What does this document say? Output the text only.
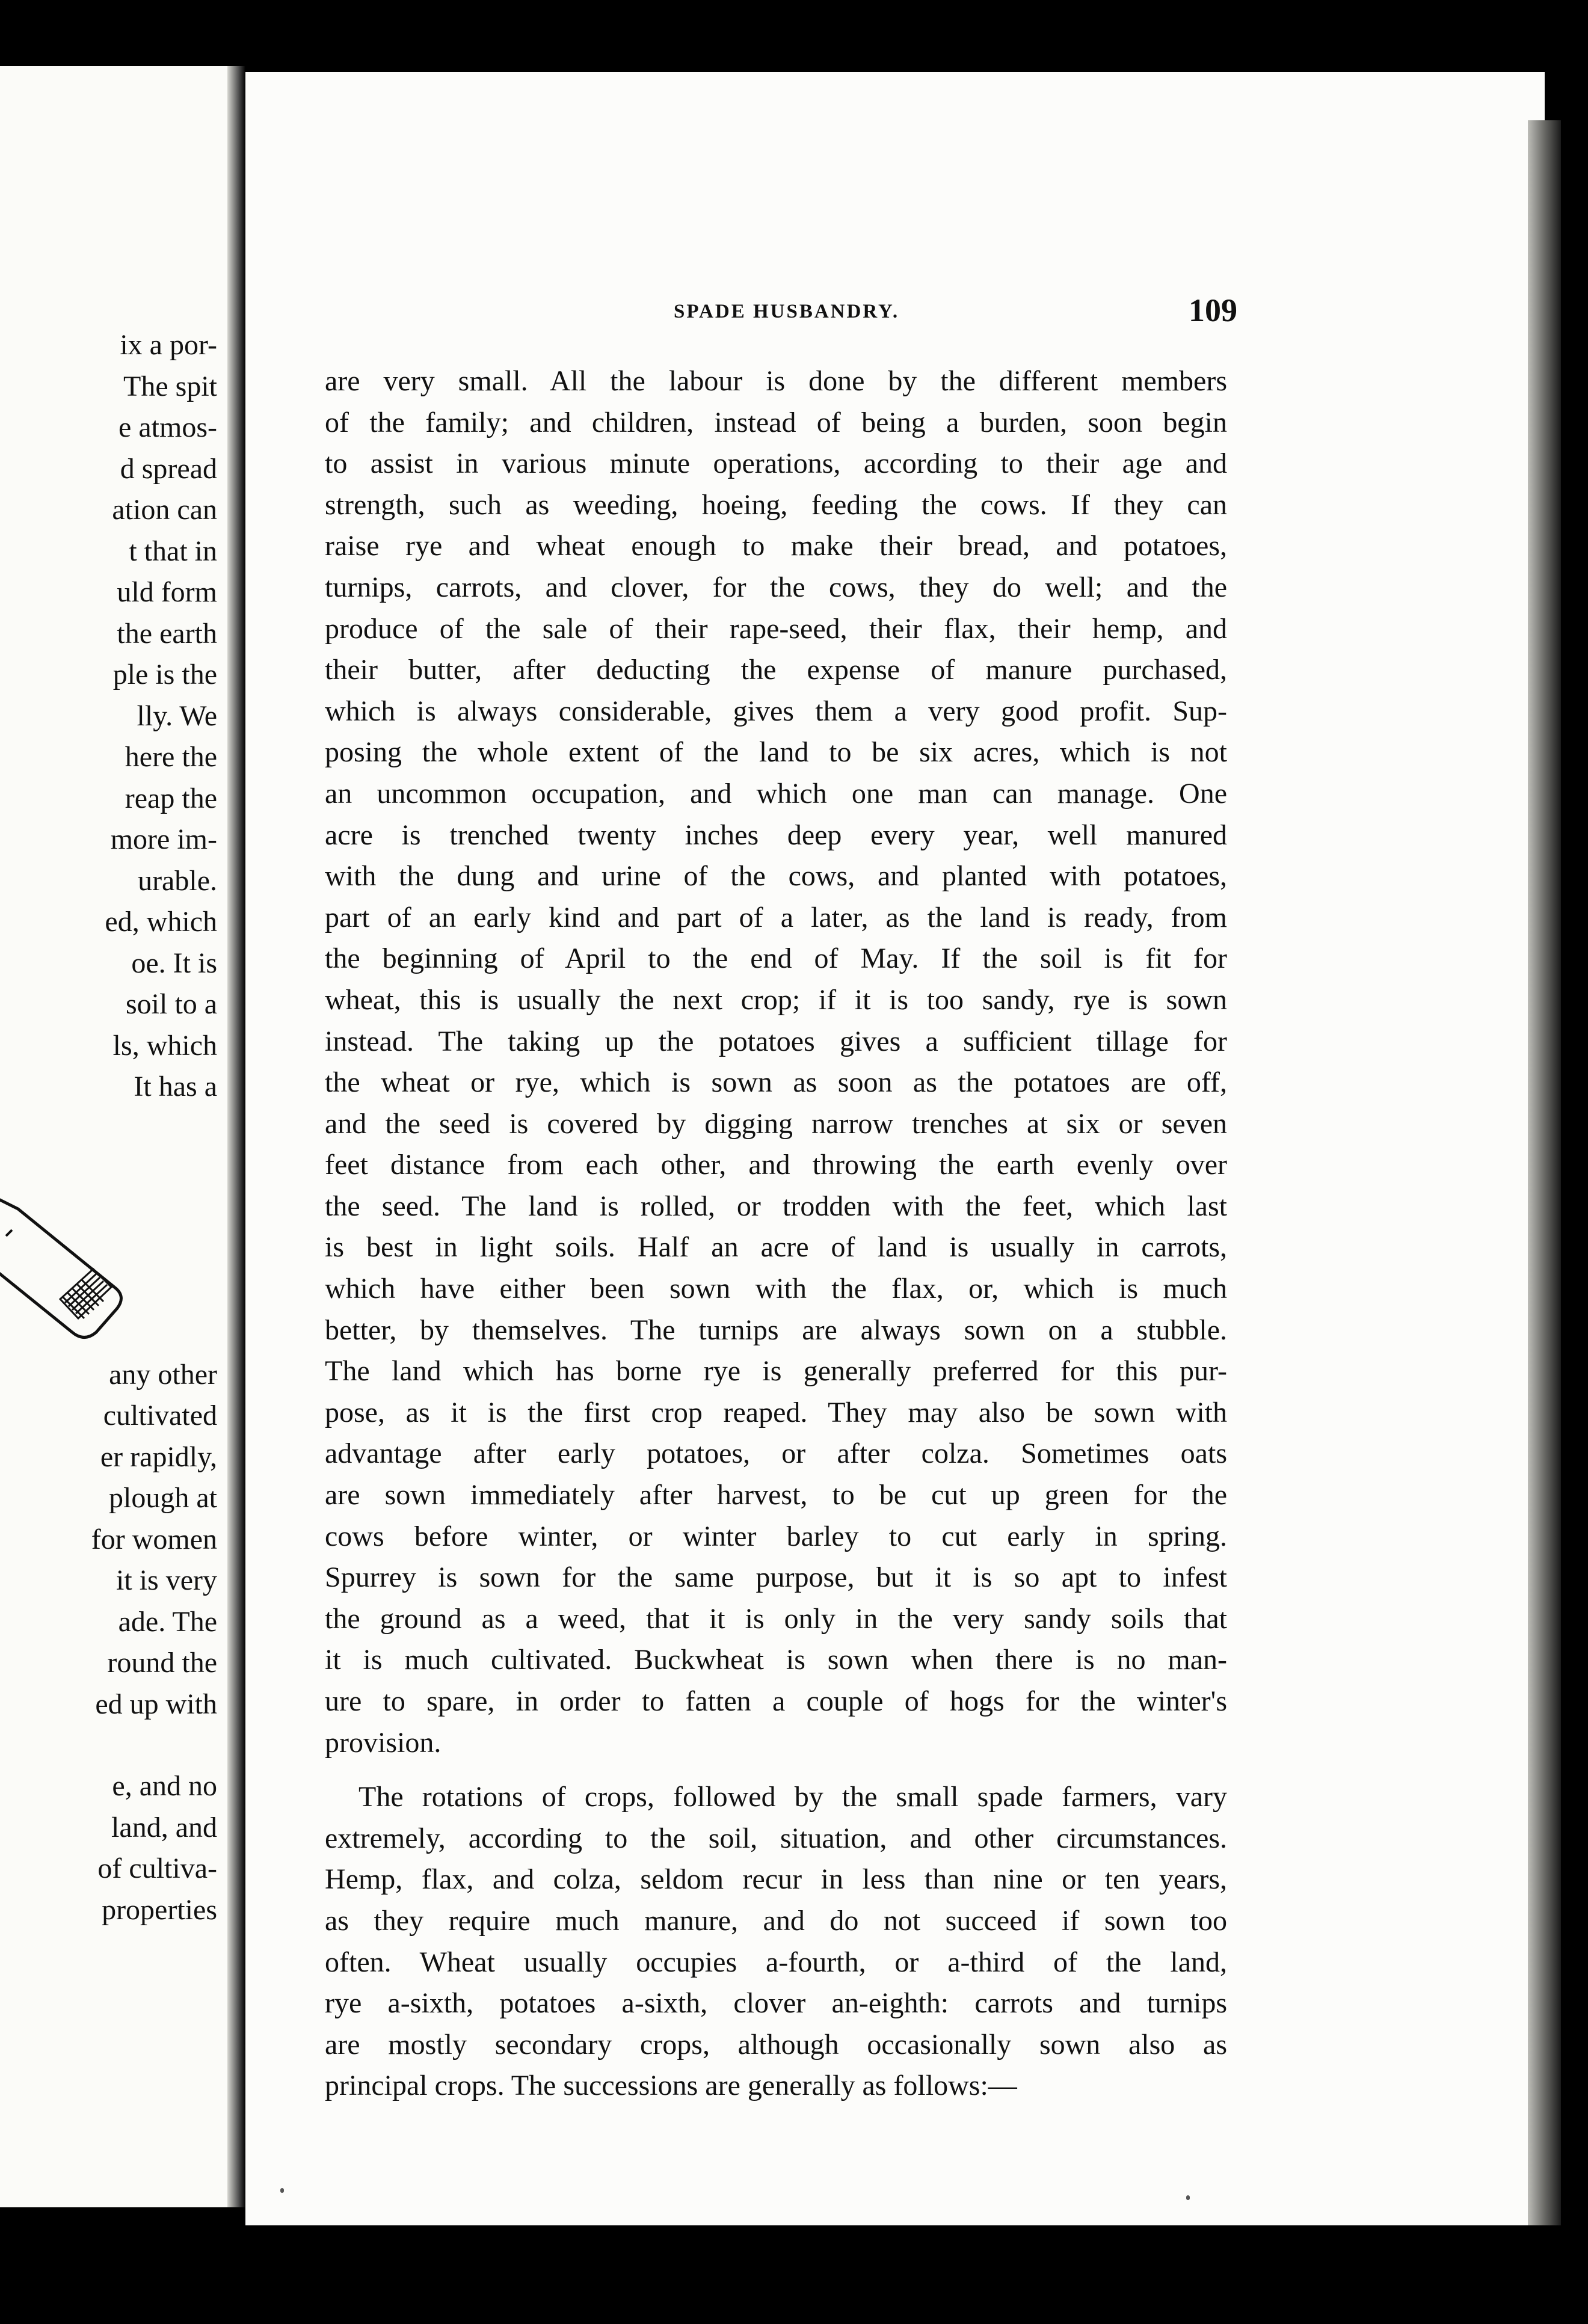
ix a por-
The spit
e atmos-
d spread
ation can
t that in
uld form
the earth
ple is the
lly. We
here the
reap the
more im-
urable.
ed, which
oe. It is
soil to a
ls, which
It has a
any other
cultivated
er rapidly,
plough at
for women
it is very
ade. The
round the
ed up with
e, and no
land, and
of cultiva-
properties
SPADE HUSBANDRY.	109
are very small. All the labour is done by the different members
of the family; and children, instead of being a burden, soon begin
to assist in various minute operations, according to their age and
strength, such as weeding, hoeing, feeding the cows. If they can
raise rye and wheat enough to make their bread, and potatoes,
turnips, carrots, and clover, for the cows, they do well; and the
produce of the sale of their rape-seed, their flax, their hemp, and
their butter, after deducting the expense of manure purchased,
which is always considerable, gives them a very good profit. Sup-
posing the whole extent of the land to be six acres, which is not
an uncommon occupation, and which one man can manage. One
acre is trenched twenty inches deep every year, well manured
with the dung and urine of the cows, and planted with potatoes,
part of an early kind and part of a later, as the land is ready, from
the beginning of April to the end of May. If the soil is fit for
wheat, this is usually the next crop; if it is too sandy, rye is sown
instead. The taking up the potatoes gives a sufficient tillage for
the wheat or rye, which is sown as soon as the potatoes are off,
and the seed is covered by digging narrow trenches at six or seven
feet distance from each other, and throwing the earth evenly over
the seed. The land is rolled, or trodden with the feet, which last
is best in light soils. Half an acre of land is usually in carrots,
which have either been sown with the flax, or, which is much
better, by themselves. The turnips are always sown on a stubble.
The land which has borne rye is generally preferred for this pur-
pose, as it is the first crop reaped. They may also be sown with
advantage after early potatoes, or after colza. Sometimes oats
are sown immediately after harvest, to be cut up green for the
cows before winter, or winter barley to cut early in spring.
Spurrey is sown for the same purpose, but it is so apt to infest
the ground as a weed, that it is only in the very sandy soils that
it is much cultivated. Buckwheat is sown when there is no man-
ure to spare, in order to fatten a couple of hogs for the winter's
provision.
The rotations of crops, followed by the small spade farmers, vary
extremely, according to the soil, situation, and other circumstances.
Hemp, flax, and colza, seldom recur in less than nine or ten years,
as they require much manure, and do not succeed if sown too
often. Wheat usually occupies a-fourth, or a-third of the land,
rye a-sixth, potatoes a-sixth, clover an-eighth: carrots and turnips
are mostly secondary crops, although occasionally sown also as
principal crops. The successions are generally as follows:—
